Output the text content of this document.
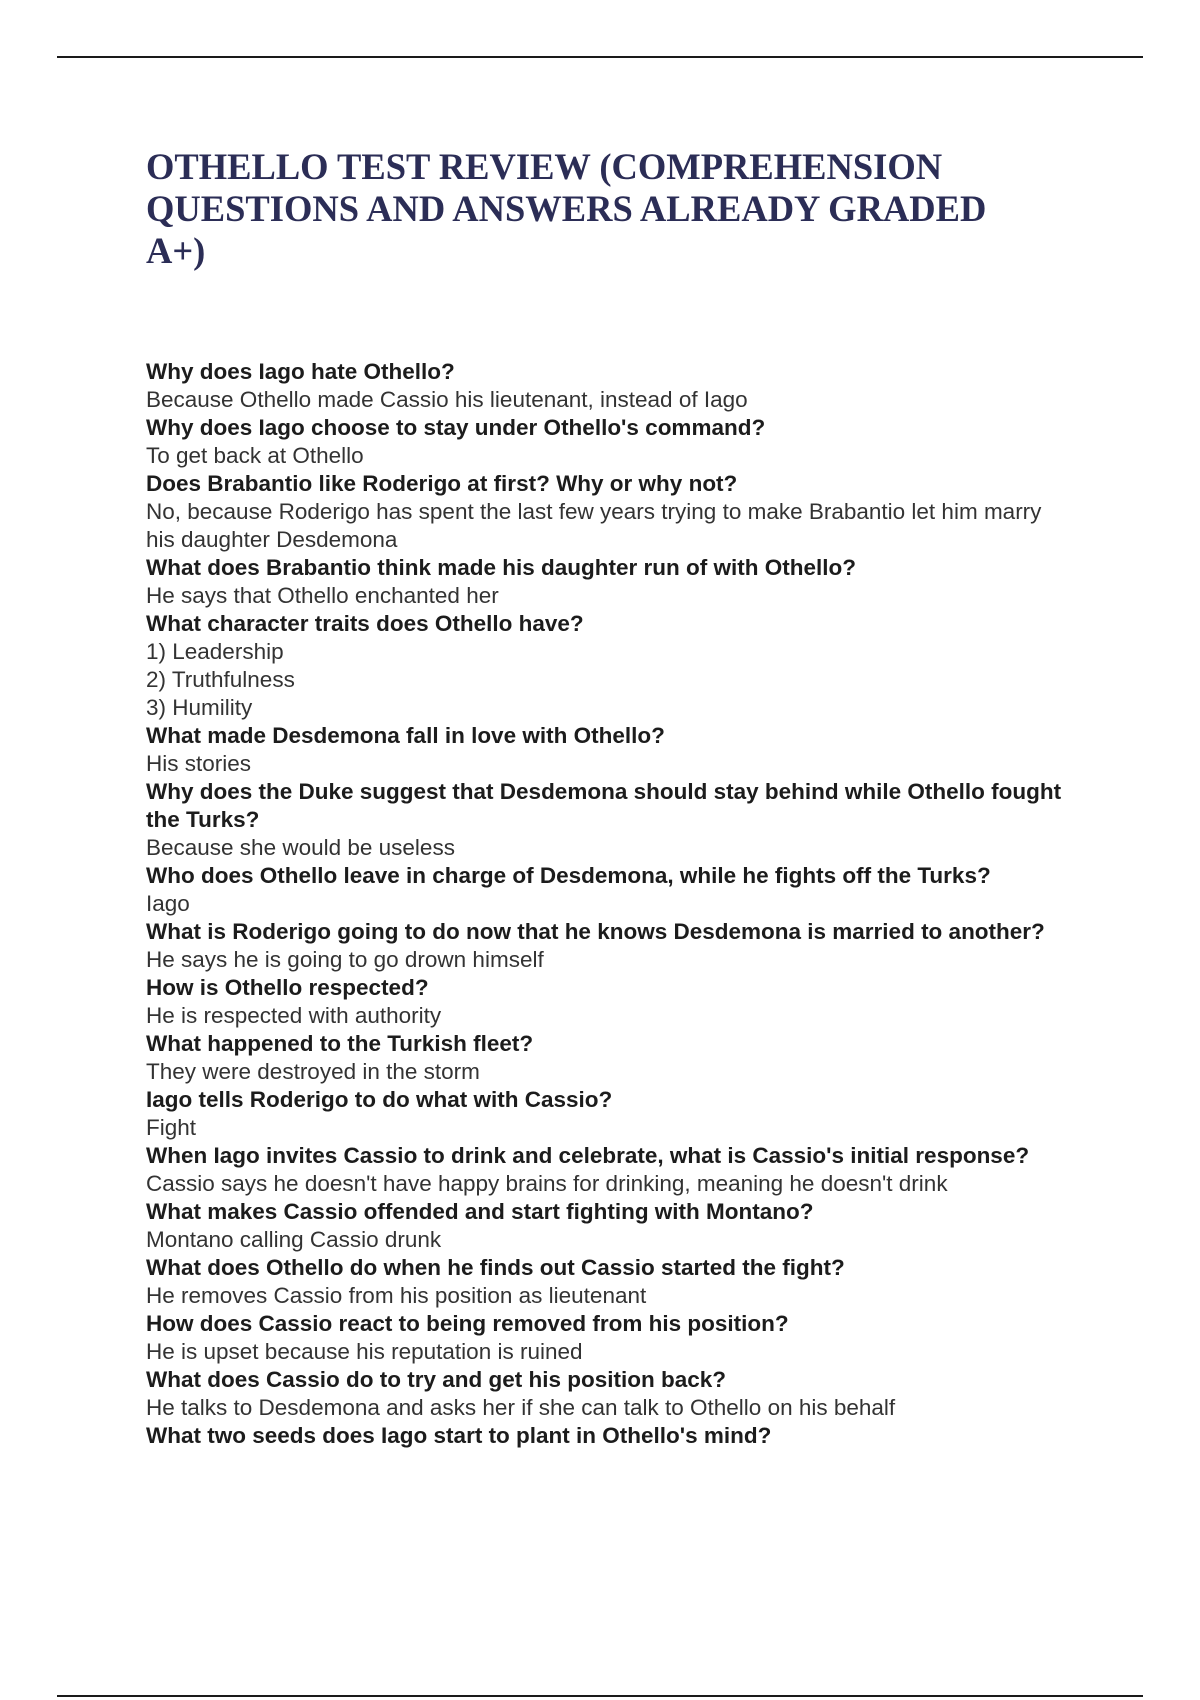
OTHELLO TEST REVIEW (COMPREHENSION QUESTIONS AND ANSWERS ALREADY GRADED A+)
Why does Iago hate Othello?
Because Othello made Cassio his lieutenant, instead of Iago
Why does Iago choose to stay under Othello's command?
To get back at Othello
Does Brabantio like Roderigo at first? Why or why not?
No, because Roderigo has spent the last few years trying to make Brabantio let him marry his daughter Desdemona
What does Brabantio think made his daughter run of with Othello?
He says that Othello enchanted her
What character traits does Othello have?
1) Leadership
2) Truthfulness
3) Humility
What made Desdemona fall in love with Othello?
His stories
Why does the Duke suggest that Desdemona should stay behind while Othello fought the Turks?
Because she would be useless
Who does Othello leave in charge of Desdemona, while he fights off the Turks?
Iago
What is Roderigo going to do now that he knows Desdemona is married to another?
He says he is going to go drown himself
How is Othello respected?
He is respected with authority
What happened to the Turkish fleet?
They were destroyed in the storm
Iago tells Roderigo to do what with Cassio?
Fight
When Iago invites Cassio to drink and celebrate, what is Cassio's initial response?
Cassio says he doesn't have happy brains for drinking, meaning he doesn't drink
What makes Cassio offended and start fighting with Montano?
Montano calling Cassio drunk
What does Othello do when he finds out Cassio started the fight?
He removes Cassio from his position as lieutenant
How does Cassio react to being removed from his position?
He is upset because his reputation is ruined
What does Cassio do to try and get his position back?
He talks to Desdemona and asks her if she can talk to Othello on his behalf
What two seeds does Iago start to plant in Othello's mind?
